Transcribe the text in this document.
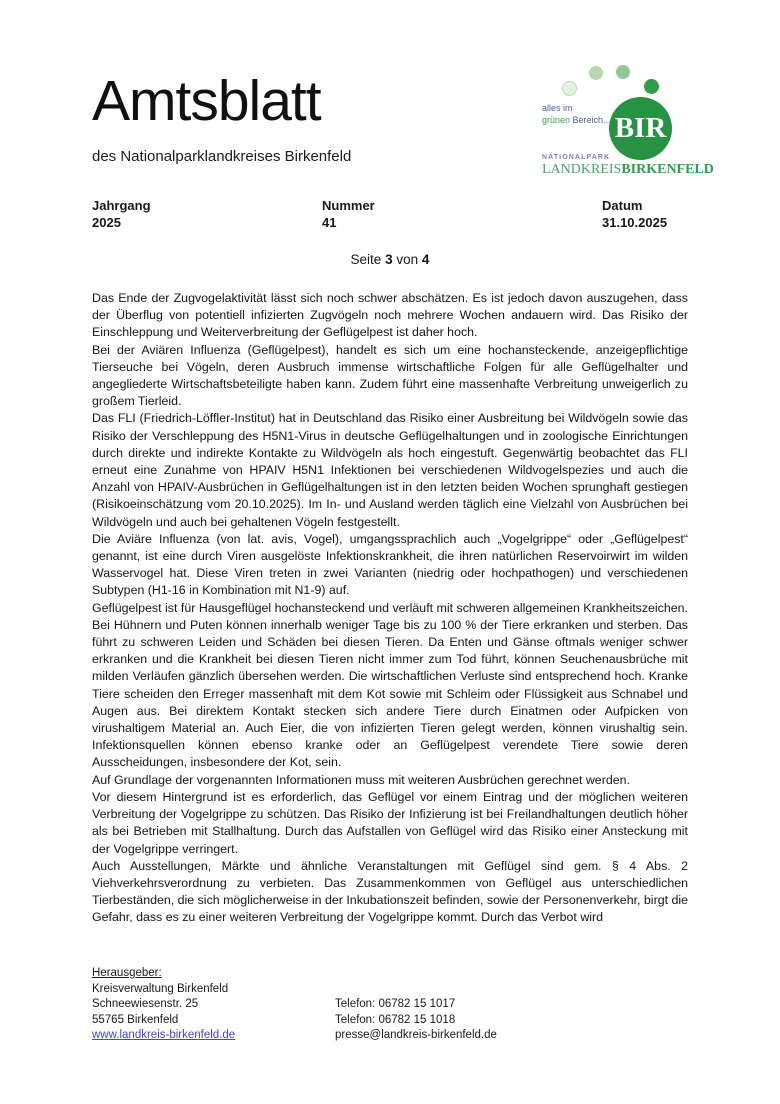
Amtsblatt
des Nationalparklandkreises Birkenfeld
BIR
alles im
grünen Bereich....
NATIONALPARK
LANDKREISBIRKENFELD
Jahrgang
2025
Nummer
41
Datum
31.10.2025
Seite 3 von 4

Das Ende der Zugvogelaktivität lässt sich noch schwer abschätzen. Es ist jedoch davon auszugehen, dass der Überflug von potentiell infizierten Zugvögeln noch mehrere Wochen andauern wird. Das Risiko der Einschleppung und Weiterverbreitung der Geflügelpest ist daher hoch.

Bei der Aviären Influenza (Geflügelpest), handelt es sich um eine hochansteckende, anzeigepflichtige Tierseuche bei Vögeln, deren Ausbruch immense wirtschaftliche Folgen für alle Geflügelhalter und angegliederte Wirtschaftsbeteiligte haben kann. Zudem führt eine massenhafte Verbreitung unweigerlich zu großem Tierleid.

Das FLI (Friedrich-Löffler-Institut) hat in Deutschland das Risiko einer Ausbreitung bei Wildvögeln sowie das Risiko der Verschleppung des H5N1-Virus in deutsche Geflügelhaltungen und in zoologische Einrichtungen durch direkte und indirekte Kontakte zu Wildvögeln als hoch eingestuft. Gegenwärtig beobachtet das FLI erneut eine Zunahme von HPAIV H5N1 Infektionen bei verschiedenen Wildvogelspezies und auch die Anzahl von HPAIV-Ausbrüchen in Geflügelhaltungen ist in den letzten beiden Wochen sprunghaft gestiegen (Risikoeinschätzung vom 20.10.2025). Im In- und Ausland werden täglich eine Vielzahl von Ausbrüchen bei Wildvögeln und auch bei gehaltenen Vögeln festgestellt.

Die Aviäre Influenza (von lat. avis, Vogel), umgangssprachlich auch „Vogelgrippe“ oder „Geflügelpest“ genannt, ist eine durch Viren ausgelöste Infektionskrankheit, die ihren natürlichen Reservoirwirt im wilden Wasservogel hat. Diese Viren treten in zwei Varianten (niedrig oder hochpathogen) und verschiedenen Subtypen (H1-16 in Kombination mit N1-9) auf.

Geflügelpest ist für Hausgeflügel hochansteckend und verläuft mit schweren allgemeinen Krankheitszeichen. Bei Hühnern und Puten können innerhalb weniger Tage bis zu 100 % der Tiere erkranken und sterben. Das führt zu schweren Leiden und Schäden bei diesen Tieren. Da Enten und Gänse oftmals weniger schwer erkranken und die Krankheit bei diesen Tieren nicht immer zum Tod führt, können Seuchenausbrüche mit milden Verläufen gänzlich übersehen werden. Die wirtschaftlichen Verluste sind entsprechend hoch. Kranke Tiere scheiden den Erreger massenhaft mit dem Kot sowie mit Schleim oder Flüssigkeit aus Schnabel und Augen aus. Bei direktem Kontakt stecken sich andere Tiere durch Einatmen oder Aufpicken von virushaltigem Material an. Auch Eier, die von infizierten Tieren gelegt werden, können virushaltig sein. Infektionsquellen können ebenso kranke oder an Geflügelpest verendete Tiere sowie deren Ausscheidungen, insbesondere der Kot, sein.

Auf Grundlage der vorgenannten Informationen muss mit weiteren Ausbrüchen gerechnet werden.

Vor diesem Hintergrund ist es erforderlich, das Geflügel vor einem Eintrag und der möglichen weiteren Verbreitung der Vogelgrippe zu schützen. Das Risiko der Infizierung ist bei Freilandhaltungen deutlich höher als bei Betrieben mit Stallhaltung. Durch das Aufstallen von Geflügel wird das Risiko einer Ansteckung mit der Vogelgrippe verringert.

Auch Ausstellungen, Märkte und ähnliche Veranstaltungen mit Geflügel sind gem. § 4 Abs. 2 Viehverkehrsverordnung zu verbieten. Das Zusammenkommen von Geflügel aus unterschiedlichen Tierbeständen, die sich möglicherweise in der Inkubationszeit befinden, sowie der Personenverkehr, birgt die Gefahr, dass es zu einer weiteren Verbreitung der Vogelgrippe kommt. Durch das Verbot wird

Herausgeber:
Kreisverwaltung Birkenfeld
Schneewiesenstr. 25	Telefon: 06782 15 1017
55765 Birkenfeld	Telefon: 06782 15 1018
www.landkreis-birkenfeld.de	presse@landkreis-birkenfeld.de
